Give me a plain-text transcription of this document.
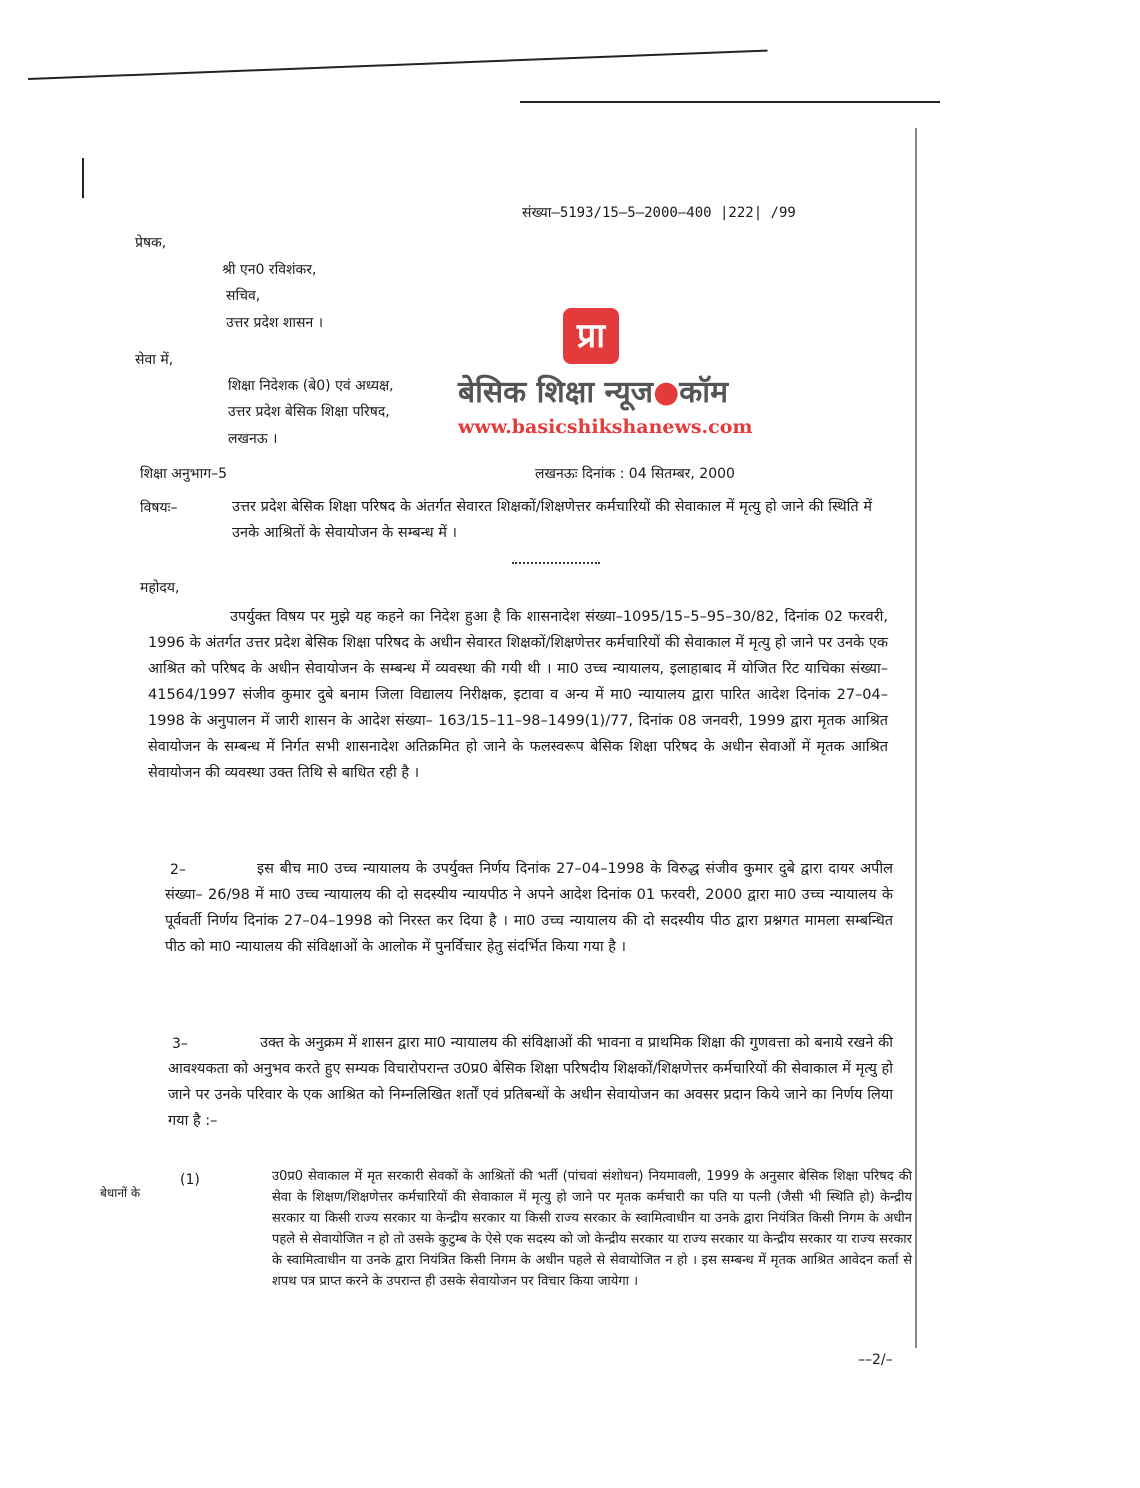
संख्या–5193/15–5–2000–400 |222| /99
प्रेषक,
श्री एन0 रविशंकर,
सचिव,
उत्तर प्रदेश शासन ।
सेवा में,
शिक्षा निदेशक (बे0) एवं अध्यक्ष,
उत्तर प्रदेश बेसिक शिक्षा परिषद,
लखनऊ ।
शिक्षा अनुभाग–5	लखनऊः दिनांक : 04 सितम्बर, 2000
विषयः–	उत्तर प्रदेश बेसिक शिक्षा परिषद के अंतर्गत सेवारत शिक्षकों/शिक्षणेत्तर कर्मचारियों की सेवाकाल में मृत्यु हो जाने की स्थिति में उनके आश्रितों के सेवायोजन के सम्बन्ध में ।
महोदय,
प्रा
बेसिक शिक्षा न्यूज●कॉम
www.basicshikshanews.com
उपर्युक्त विषय पर मुझे यह कहने का निदेश हुआ है कि शासनादेश संख्या–1095/15–5–95–30/82, दिनांक 02 फरवरी, 1996 के अंतर्गत उत्तर प्रदेश बेसिक शिक्षा परिषद के अधीन सेवारत शिक्षकों/शिक्षणेत्तर कर्मचारियों की सेवाकाल में मृत्यु हो जाने पर उनके एक आश्रित को परिषद के अधीन सेवायोजन के सम्बन्ध में व्यवस्था की गयी थी । मा0 उच्च न्यायालय, इलाहाबाद में योजित रिट याचिका संख्या– 41564/1997 संजीव कुमार दुबे बनाम जिला विद्यालय निरीक्षक, इटावा व अन्य में मा0 न्यायालय द्वारा पारित आदेश दिनांक 27–04–1998 के अनुपालन में जारी शासन के आदेश संख्या– 163/15–11–98–1499(1)/77, दिनांक 08 जनवरी, 1999 द्वारा मृतक आश्रित सेवायोजन के सम्बन्ध में निर्गत सभी शासनादेश अतिक्रमित हो जाने के फलस्वरूप बेसिक शिक्षा परिषद के अधीन सेवाओं में मृतक आश्रित सेवायोजन की व्यवस्था उक्त तिथि से बाधित रही है ।
2–	इस बीच मा0 उच्च न्यायालय के उपर्युक्त निर्णय दिनांक 27–04–1998 के विरुद्ध संजीव कुमार दुबे द्वारा दायर अपील संख्या– 26/98 में मा0 उच्च न्यायालय की दो सदस्यीय न्यायपीठ ने अपने आदेश दिनांक 01 फरवरी, 2000 द्वारा मा0 उच्च न्यायालय के पूर्ववर्ती निर्णय दिनांक 27–04–1998 को निरस्त कर दिया है । मा0 उच्च न्यायालय की दो सदस्यीय पीठ द्वारा प्रश्नगत मामला सम्बन्धित पीठ को मा0 न्यायालय की संविक्षाओं के आलोक में पुनर्विचार हेतु संदर्भित किया गया है ।
3–	उक्त के अनुक्रम में शासन द्वारा मा0 न्यायालय की संविक्षाओं की भावना व प्राथमिक शिक्षा की गुणवत्ता को बनाये रखने की आवश्यकता को अनुभव करते हुए सम्यक विचारोपरान्त उ0प्र0 बेसिक शिक्षा परिषदीय शिक्षकों/शिक्षणेत्तर कर्मचारियों की सेवाकाल में मृत्यु हो जाने पर उनके परिवार के एक आश्रित को निम्नलिखित शर्तों एवं प्रतिबन्धों के अधीन सेवायोजन का अवसर प्रदान किये जाने का निर्णय लिया गया है :–
बेधानों के
(1)	उ0प्र0 सेवाकाल में मृत सरकारी सेवकों के आश्रितों की भर्ती (पांचवां संशोधन) नियमावली, 1999 के अनुसार बेसिक शिक्षा परिषद की सेवा के शिक्षण/शिक्षणेत्तर कर्मचारियों की सेवाकाल में मृत्यु हो जाने पर मृतक कर्मचारी का पति या पत्नी (जैसी भी स्थिति हो) केन्द्रीय सरकार या किसी राज्य सरकार या केन्द्रीय सरकार या किसी राज्य सरकार के स्वामित्वाधीन या उनके द्वारा नियंत्रित किसी निगम के अधीन पहले से सेवायोजित न हो तो उसके कुटुम्ब के ऐसे एक सदस्य को जो केन्द्रीय सरकार या राज्य सरकार या केन्द्रीय सरकार या राज्य सरकार के स्वामित्वाधीन या उनके द्वारा नियंत्रित किसी निगम के अधीन पहले से सेवायोजित न हो । इस सम्बन्ध में मृतक आश्रित आवेदन कर्ता से शपथ पत्र प्राप्त करने के उपरान्त ही उसके सेवायोजन पर विचार किया जायेगा ।
––2/–
